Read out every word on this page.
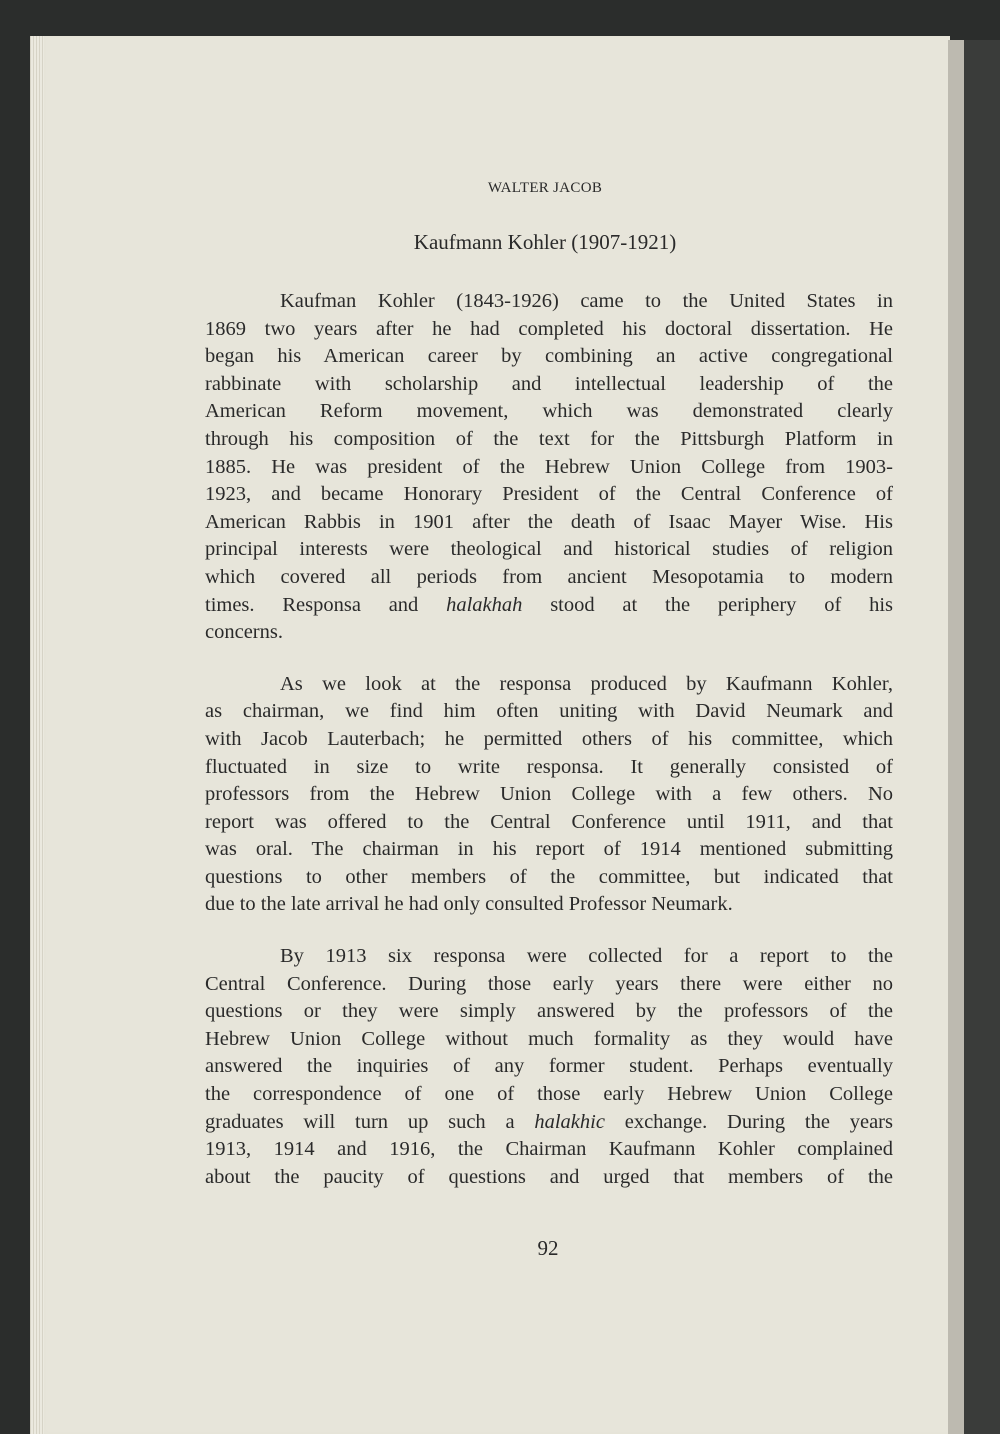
WALTER JACOB
Kaufmann Kohler (1907-1921)
Kaufman Kohler (1843-1926) came to the United States in
1869 two years after he had completed his doctoral dissertation. He
began his American career by combining an active congregational
rabbinate with scholarship and intellectual leadership of the
American Reform movement, which was demonstrated clearly
through his composition of the text for the Pittsburgh Platform in
1885. He was president of the Hebrew Union College from 1903-
1923, and became Honorary President of the Central Conference of
American Rabbis in 1901 after the death of Isaac Mayer Wise. His
principal interests were theological and historical studies of religion
which covered all periods from ancient Mesopotamia to modern
times. Responsa and halakhah stood at the periphery of his
concerns.
As we look at the responsa produced by Kaufmann Kohler,
as chairman, we find him often uniting with David Neumark and
with Jacob Lauterbach; he permitted others of his committee, which
fluctuated in size to write responsa. It generally consisted of
professors from the Hebrew Union College with a few others. No
report was offered to the Central Conference until 1911, and that
was oral. The chairman in his report of 1914 mentioned submitting
questions to other members of the committee, but indicated that
due to the late arrival he had only consulted Professor Neumark.
By 1913 six responsa were collected for a report to the
Central Conference. During those early years there were either no
questions or they were simply answered by the professors of the
Hebrew Union College without much formality as they would have
answered the inquiries of any former student. Perhaps eventually
the correspondence of one of those early Hebrew Union College
graduates will turn up such a halakhic exchange. During the years
1913, 1914 and 1916, the Chairman Kaufmann Kohler complained
about the paucity of questions and urged that members of the
92
